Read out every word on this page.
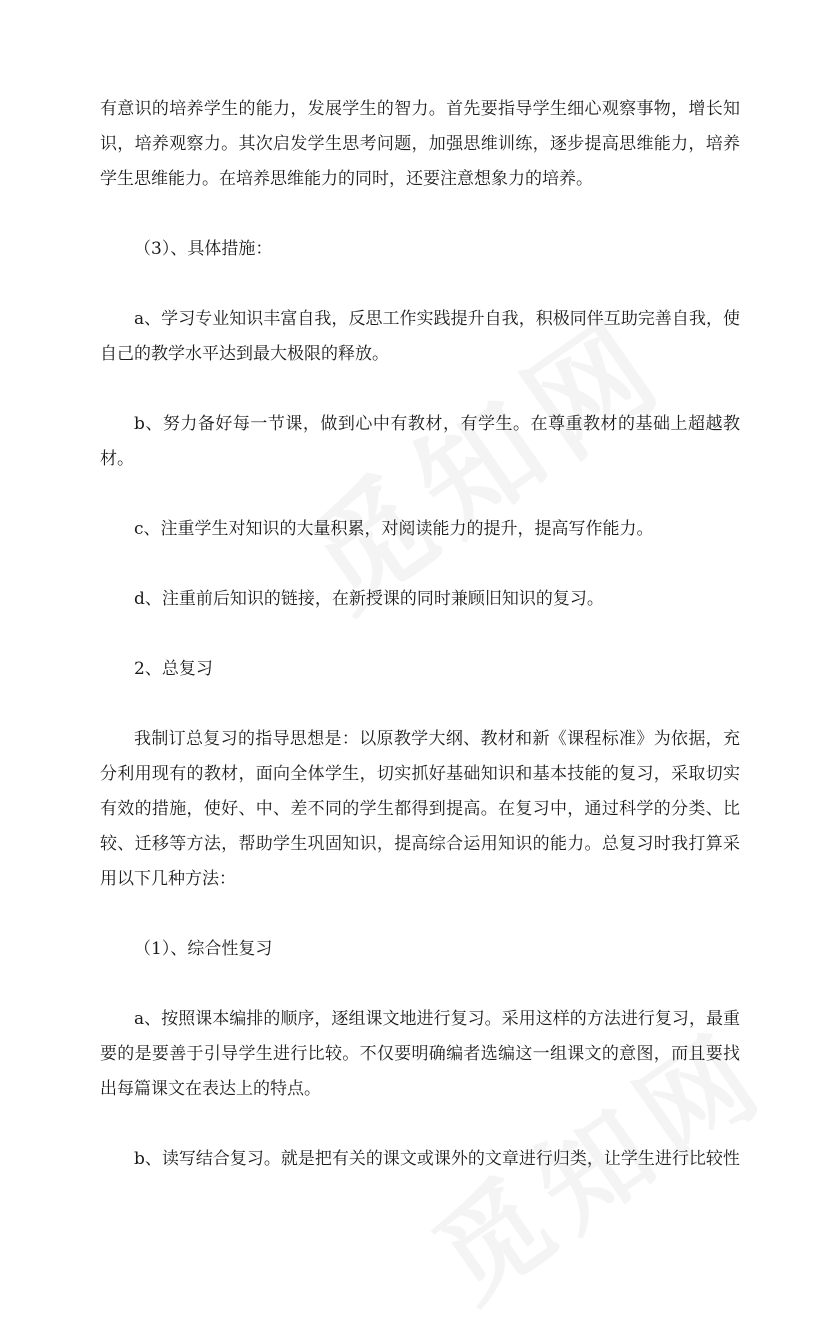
有意识的培养学生的能力，发展学生的智力。首先要指导学生细心观察事物，增长知识，培养观察力。其次启发学生思考问题，加强思维训练，逐步提高思维能力，培养学生思维能力。在培养思维能力的同时，还要注意想象力的培养。

（3）、具体措施：

a、学习专业知识丰富自我，反思工作实践提升自我，积极同伴互助完善自我，使自己的教学水平达到最大极限的释放。

b、努力备好每一节课，做到心中有教材，有学生。在尊重教材的基础上超越教材。

c、注重学生对知识的大量积累，对阅读能力的提升，提高写作能力。

d、注重前后知识的链接，在新授课的同时兼顾旧知识的复习。

2、总复习

我制订总复习的指导思想是：以原教学大纲、教材和新《课程标准》为依据，充分利用现有的教材，面向全体学生，切实抓好基础知识和基本技能的复习，采取切实有效的措施，使好、中、差不同的学生都得到提高。在复习中，通过科学的分类、比较、迁移等方法，帮助学生巩固知识，提高综合运用知识的能力。总复习时我打算采用以下几种方法：

（1）、综合性复习

a、按照课本编排的顺序，逐组课文地进行复习。采用这样的方法进行复习，最重要的是要善于引导学生进行比较。不仅要明确编者选编这一组课文的意图，而且要找出每篇课文在表达上的特点。

b、读写结合复习。就是把有关的课文或课外的文章进行归类，让学生进行比较性
